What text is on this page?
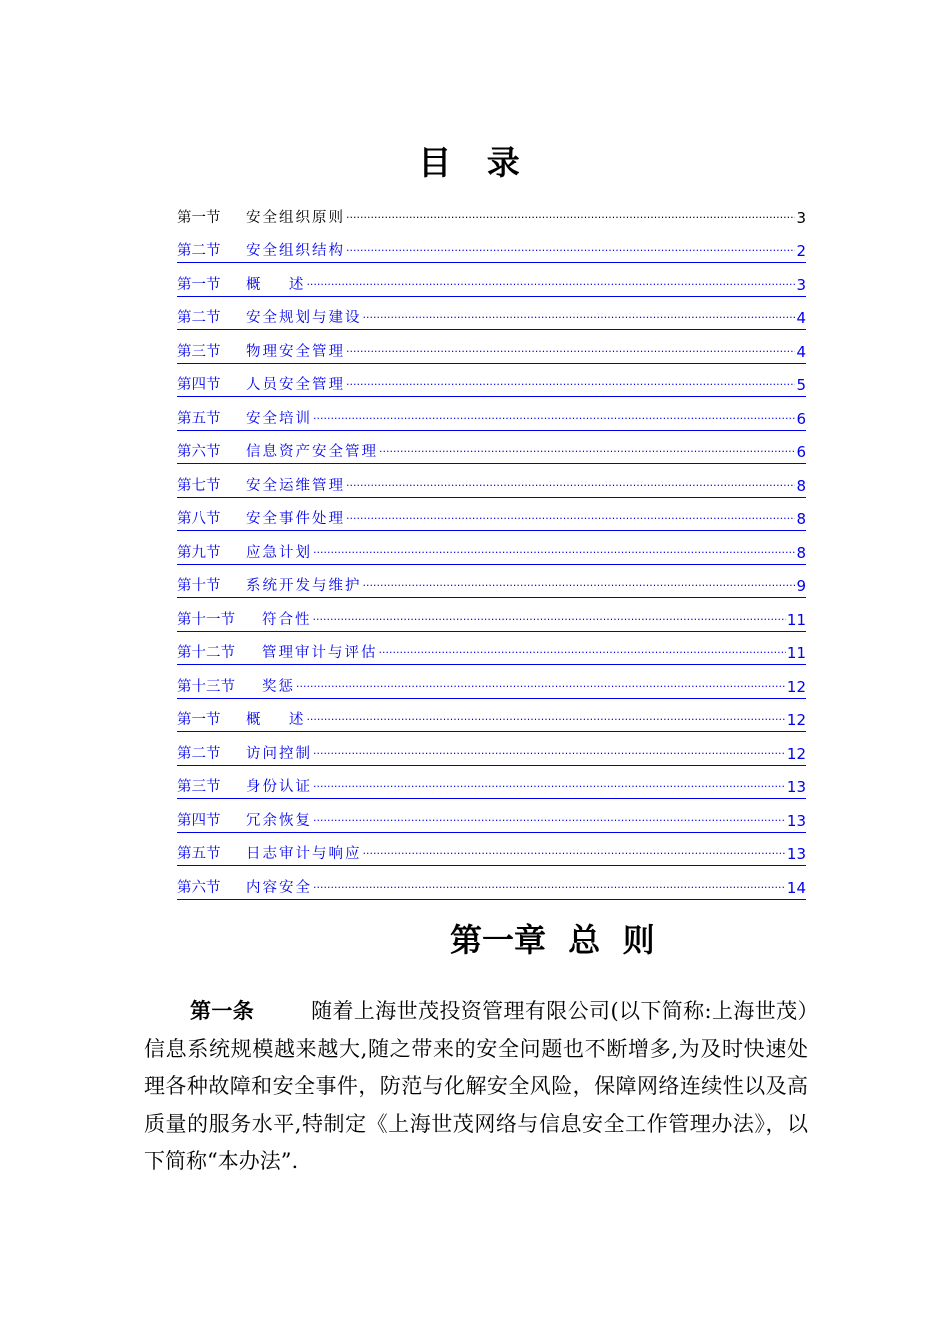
目 录
第一节	安全组织原则 .....	3
第二节	安全组织结构 .....	2
第一节	概    述 .....	3
第二节	安全规划与建设 .....	4
第三节	物理安全管理 .....	4
第四节	人员安全管理 .....	5
第五节	安全培训 .....	6
第六节	信息资产安全管理 .....	6
第七节	安全运维管理 .....	8
第八节	安全事件处理 .....	8
第九节	应急计划 .....	8
第十节	系统开发与维护 .....	9
第十一节	符合性 .....	11
第十二节	管理审计与评估 .....	11
第十三节	奖惩 .....	12
第一节	概    述 .....	12
第二节	访问控制 .....	12
第三节	身份认证 .....	13
第四节	冗余恢复 .....	13
第五节	日志审计与响应 .....	13
第六节	内容安全 .....	14
第一章  总  则

第一条	随着上海世茂投资管理有限公司(以下简称:上海世茂）信息系统规模越来越大,随之带来的安全问题也不断增多,为及时快速处理各种故障和安全事件，防范与化解安全风险，保障网络连续性以及高质量的服务水平,特制定《上海世茂网络与信息安全工作管理办法》，以下简称“本办法”.
